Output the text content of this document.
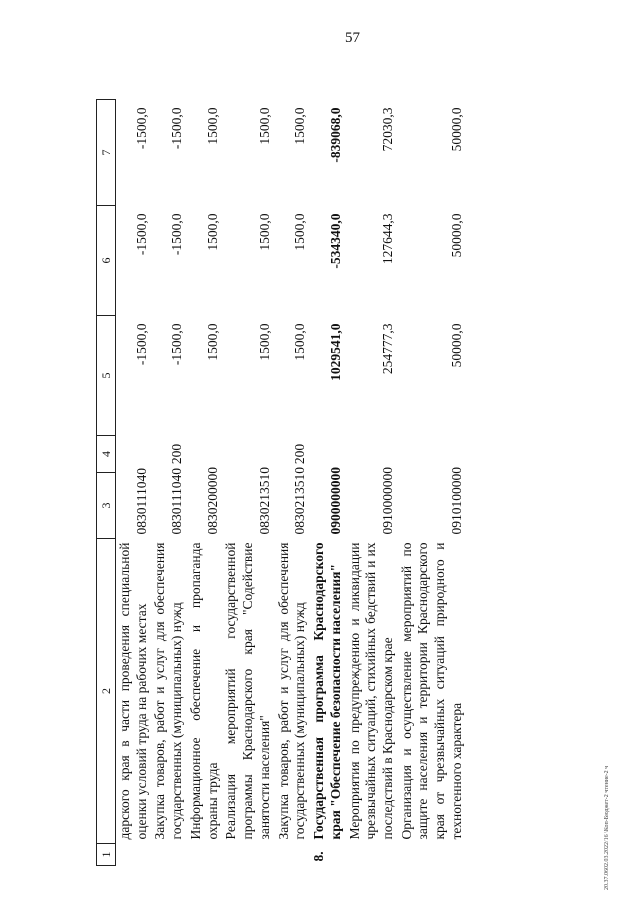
57
20.37.0602.03.2022/16 \Коп-Бюджет-2 чтение-2 ч
1	2	3	4	5	6	7
	дарского края в части проведения специальной оценки условий труда на рабочих местах	0830111040		-1500,0	-1500,0	-1500,0
	Закупка товаров, работ и услуг для обеспечения государственных (муниципальных) нужд	0830111040	200	-1500,0	-1500,0	-1500,0
	Информационное обеспечение и пропаганда охраны труда	0830200000		1500,0	1500,0	1500,0
	Реализация мероприятий государственной программы Краснодарского края "Содействие занятости населения"	0830213510		1500,0	1500,0	1500,0
	Закупка товаров, работ и услуг для обеспечения государственных (муниципальных) нужд	0830213510	200	1500,0	1500,0	1500,0
8.	Государственная программа Краснодарского края "Обеспечение безопасности населения"	0900000000		1029541,0	-534340,0	-839068,0
	Мероприятия по предупреждению и ликвидации чрезвычайных ситуаций, стихийных бедствий и их последствий в Краснодарском крае	0910000000		254777,3	127644,3	72030,3
	Организация и осуществление мероприятий по защите населения и территории Краснодарского края от чрезвычайных ситуаций природного и техногенного характера	0910100000		50000,0	50000,0	50000,0
